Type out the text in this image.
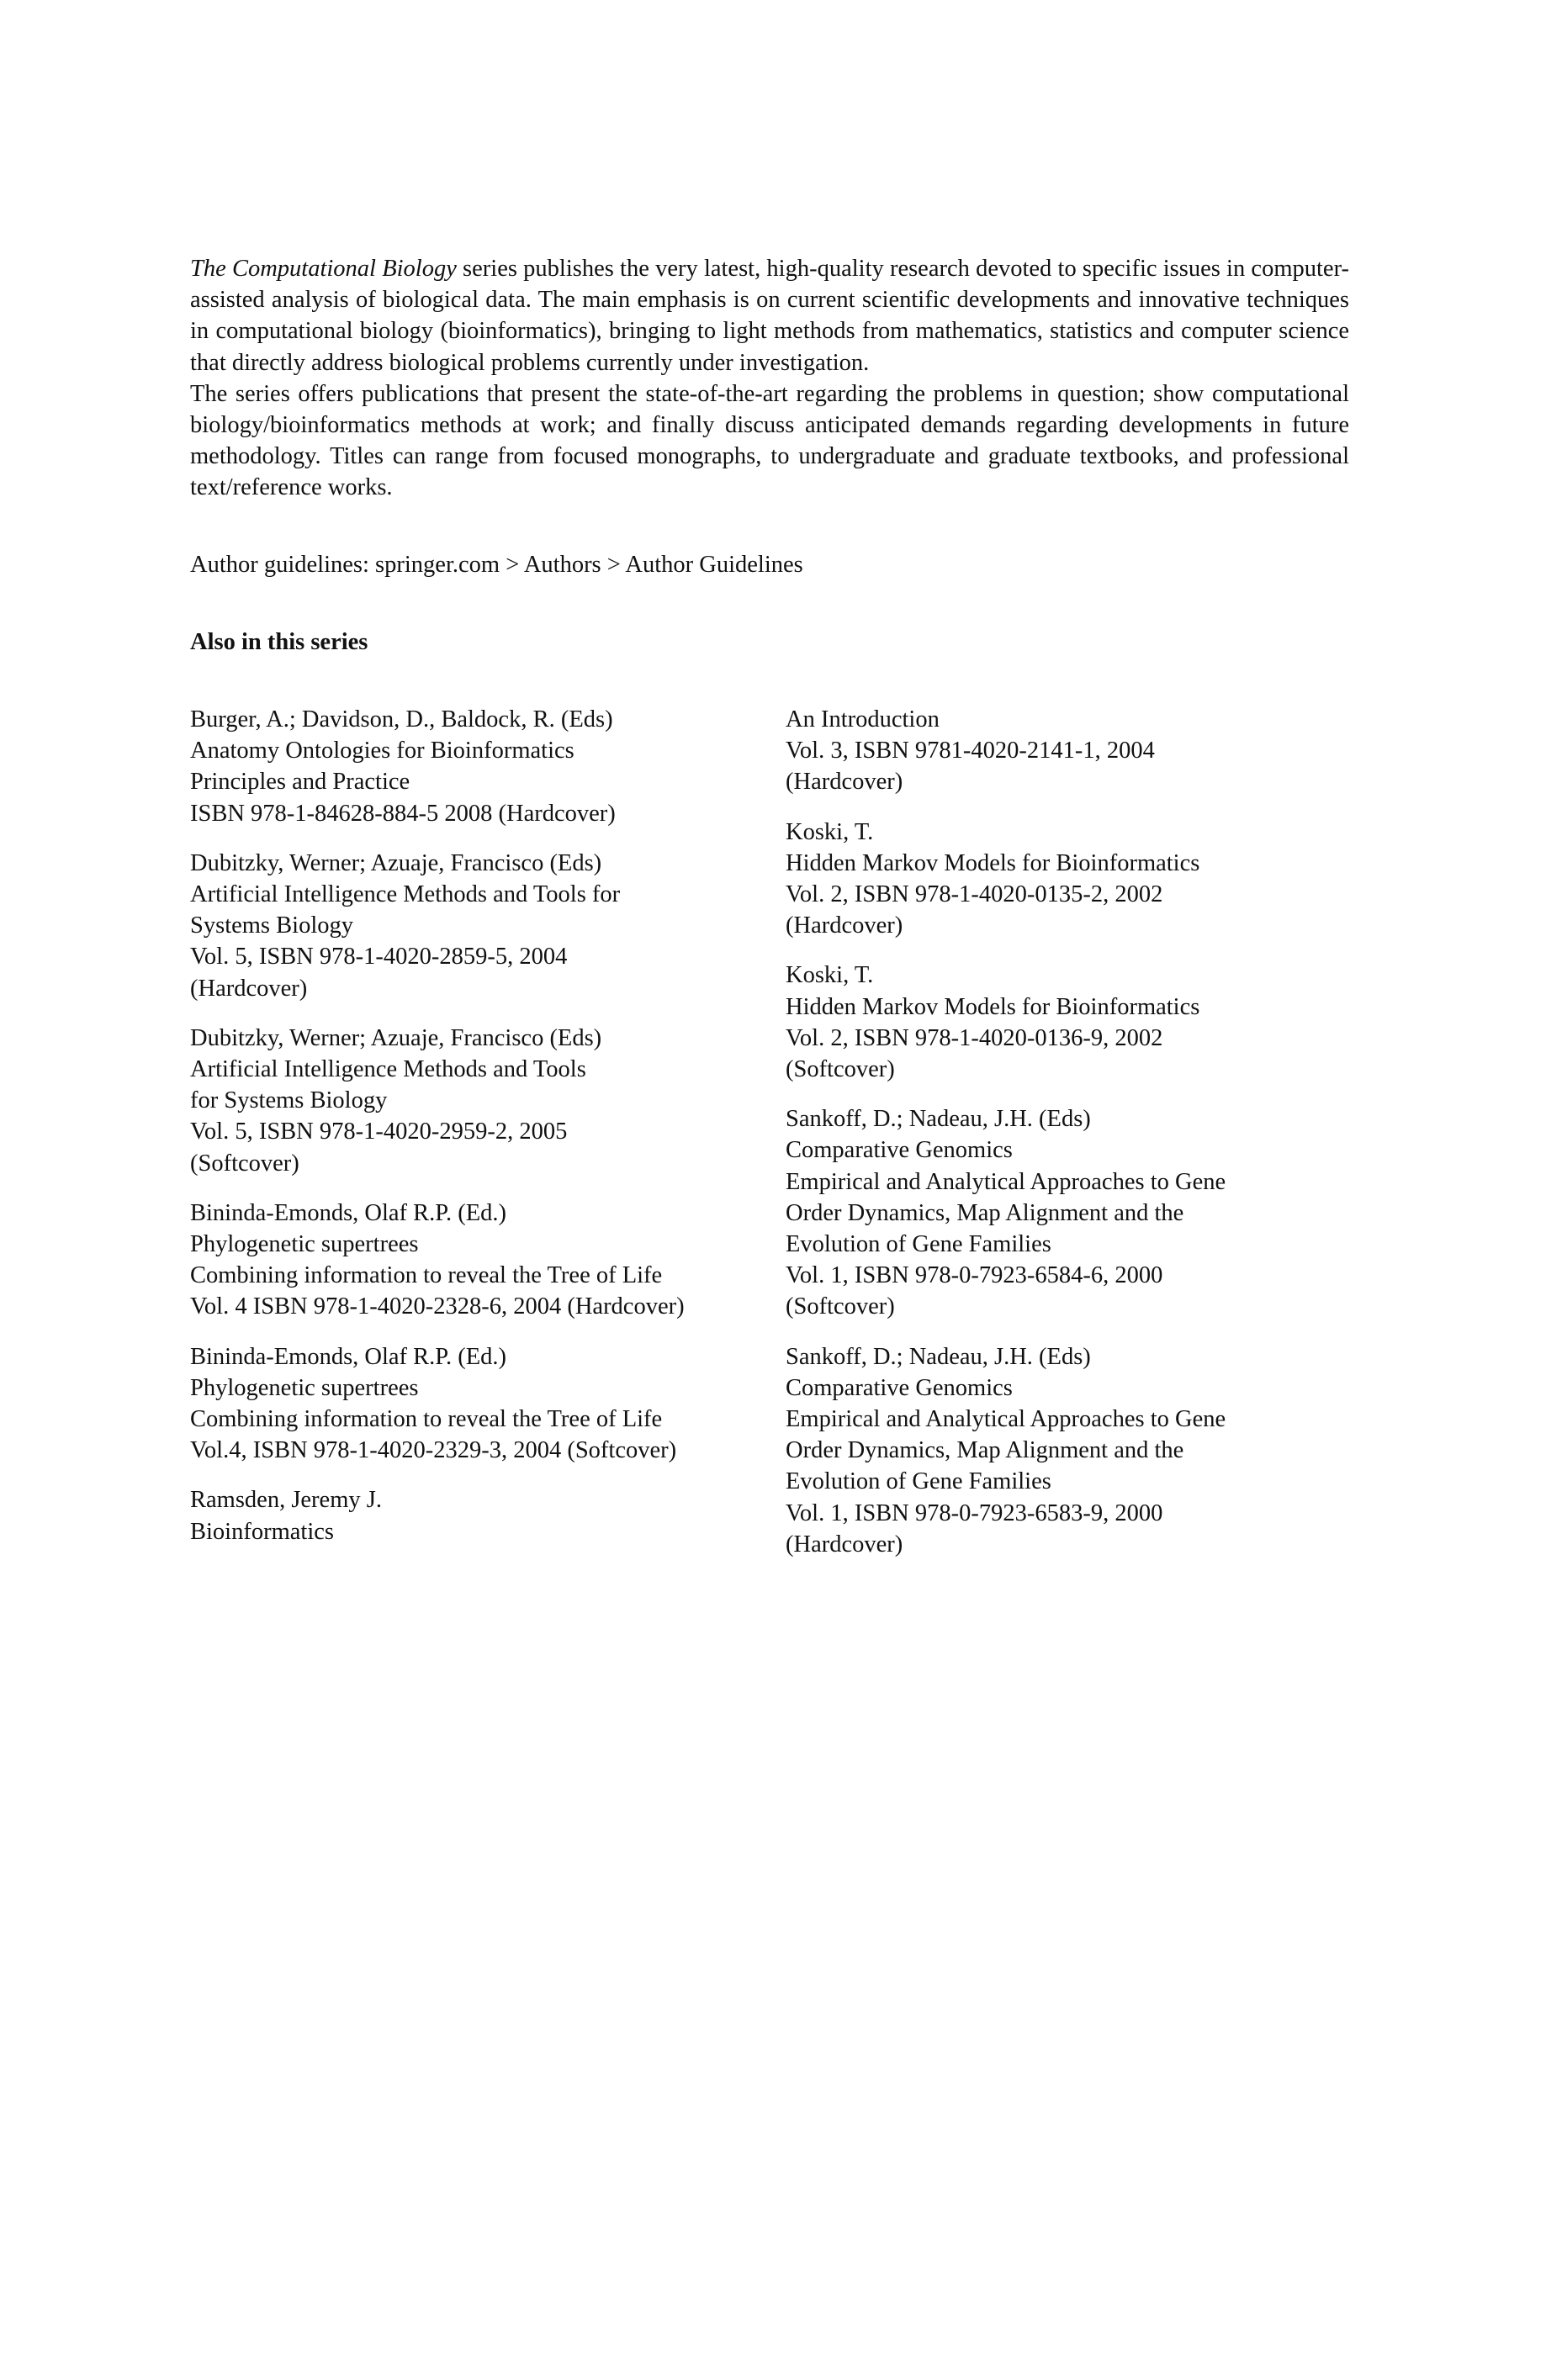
The Computational Biology series publishes the very latest, high-quality research devoted to specific issues in computer-assisted analysis of biological data. The main emphasis is on current scientific developments and innovative techniques in computational biology (bioinformatics), bringing to light methods from mathematics, statistics and computer science that directly address biological problems currently under investigation.

The series offers publications that present the state-of-the-art regarding the problems in question; show computational biology/bioinformatics methods at work; and finally discuss anticipated demands regarding developments in future methodology. Titles can range from focused monographs, to undergraduate and graduate textbooks, and professional text/reference works.

Author guidelines: springer.com > Authors > Author Guidelines

Also in this series

Burger, A.; Davidson, D., Baldock, R. (Eds)
Anatomy Ontologies for Bioinformatics
Principles and Practice
ISBN 978-1-84628-884-5 2008 (Hardcover)
Dubitzky, Werner; Azuaje, Francisco (Eds)
Artificial Intelligence Methods and Tools for
Systems Biology
Vol. 5, ISBN 978-1-4020-2859-5, 2004
(Hardcover)
Dubitzky, Werner; Azuaje, Francisco (Eds)
Artificial Intelligence Methods and Tools
for Systems Biology
Vol. 5, ISBN 978-1-4020-2959-2, 2005
(Softcover)
Bininda-Emonds, Olaf R.P. (Ed.)
Phylogenetic supertrees
Combining information to reveal the Tree of Life
Vol. 4 ISBN 978-1-4020-2328-6, 2004 (Hardcover)
Bininda-Emonds, Olaf R.P. (Ed.)
Phylogenetic supertrees
Combining information to reveal the Tree of Life
Vol.4, ISBN 978-1-4020-2329-3, 2004 (Softcover)
Ramsden, Jeremy J.
Bioinformatics
An Introduction
Vol. 3, ISBN 9781-4020-2141-1, 2004
(Hardcover)
Koski, T.
Hidden Markov Models for Bioinformatics
Vol. 2, ISBN 978-1-4020-0135-2, 2002
(Hardcover)
Koski, T.
Hidden Markov Models for Bioinformatics
Vol. 2, ISBN 978-1-4020-0136-9, 2002
(Softcover)
Sankoff, D.; Nadeau, J.H. (Eds)
Comparative Genomics
Empirical and Analytical Approaches to Gene
Order Dynamics, Map Alignment and the
Evolution of Gene Families
Vol. 1, ISBN 978-0-7923-6584-6, 2000
(Softcover)
Sankoff, D.; Nadeau, J.H. (Eds)
Comparative Genomics
Empirical and Analytical Approaches to Gene
Order Dynamics, Map Alignment and the
Evolution of Gene Families
Vol. 1, ISBN 978-0-7923-6583-9, 2000
(Hardcover)
